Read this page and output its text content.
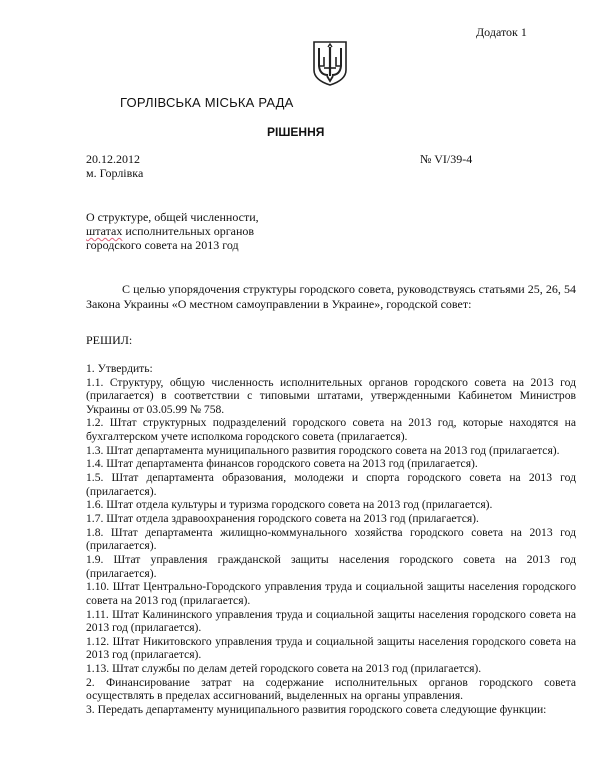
Додаток 1
ГОРЛІВСЬКА МІСЬКА РАДА
РІШЕННЯ
20.12.2012
м. Горлівка
№ VI/39-4
О структуре, общей численности,
штатах исполнительных органов
городского совета на 2013 год
С целью упорядочения структуры городского совета, руководствуясь статьями 25, 26, 54 Закона Украины «О местном самоуправлении в Украине», городской совет:
РЕШИЛ:
1. Утвердить:
1.1. Структуру, общую численность исполнительных органов городского совета на 2013 год (прилагается) в соответствии с типовыми штатами, утвержденными Кабинетом Министров Украины от 03.05.99 № 758.
1.2. Штат структурных подразделений городского совета на 2013 год, которые находятся на бухгалтерском учете исполкома городского совета (прилагается).
1.3. Штат департамента муниципального развития городского совета на 2013 год (прилагается).
1.4. Штат департамента финансов городского совета на 2013 год (прилагается).
1.5. Штат департамента образования, молодежи и спорта городского совета на 2013 год (прилагается).
1.6. Штат отдела культуры и туризма городского совета на 2013 год (прилагается).
1.7. Штат отдела здравоохранения городского совета на 2013 год (прилагается).
1.8. Штат департамента жилищно-коммунального хозяйства городского совета на 2013 год (прилагается).
1.9. Штат управления гражданской защиты населения городского совета на 2013 год (прилагается).
1.10. Штат Центрально-Городского управления труда и социальной защиты населения городского совета на 2013 год (прилагается).
1.11. Штат Калининского управления труда и социальной защиты населения городского совета на 2013 год (прилагается).
1.12. Штат Никитовского управления труда и социальной защиты населения городского совета на 2013 год (прилагается).
1.13. Штат службы по делам детей городского совета на 2013 год (прилагается).
2. Финансирование затрат на содержание исполнительных органов городского совета осуществлять в пределах ассигнований, выделенных на органы управления.
3. Передать департаменту муниципального развития городского совета следующие функции:
